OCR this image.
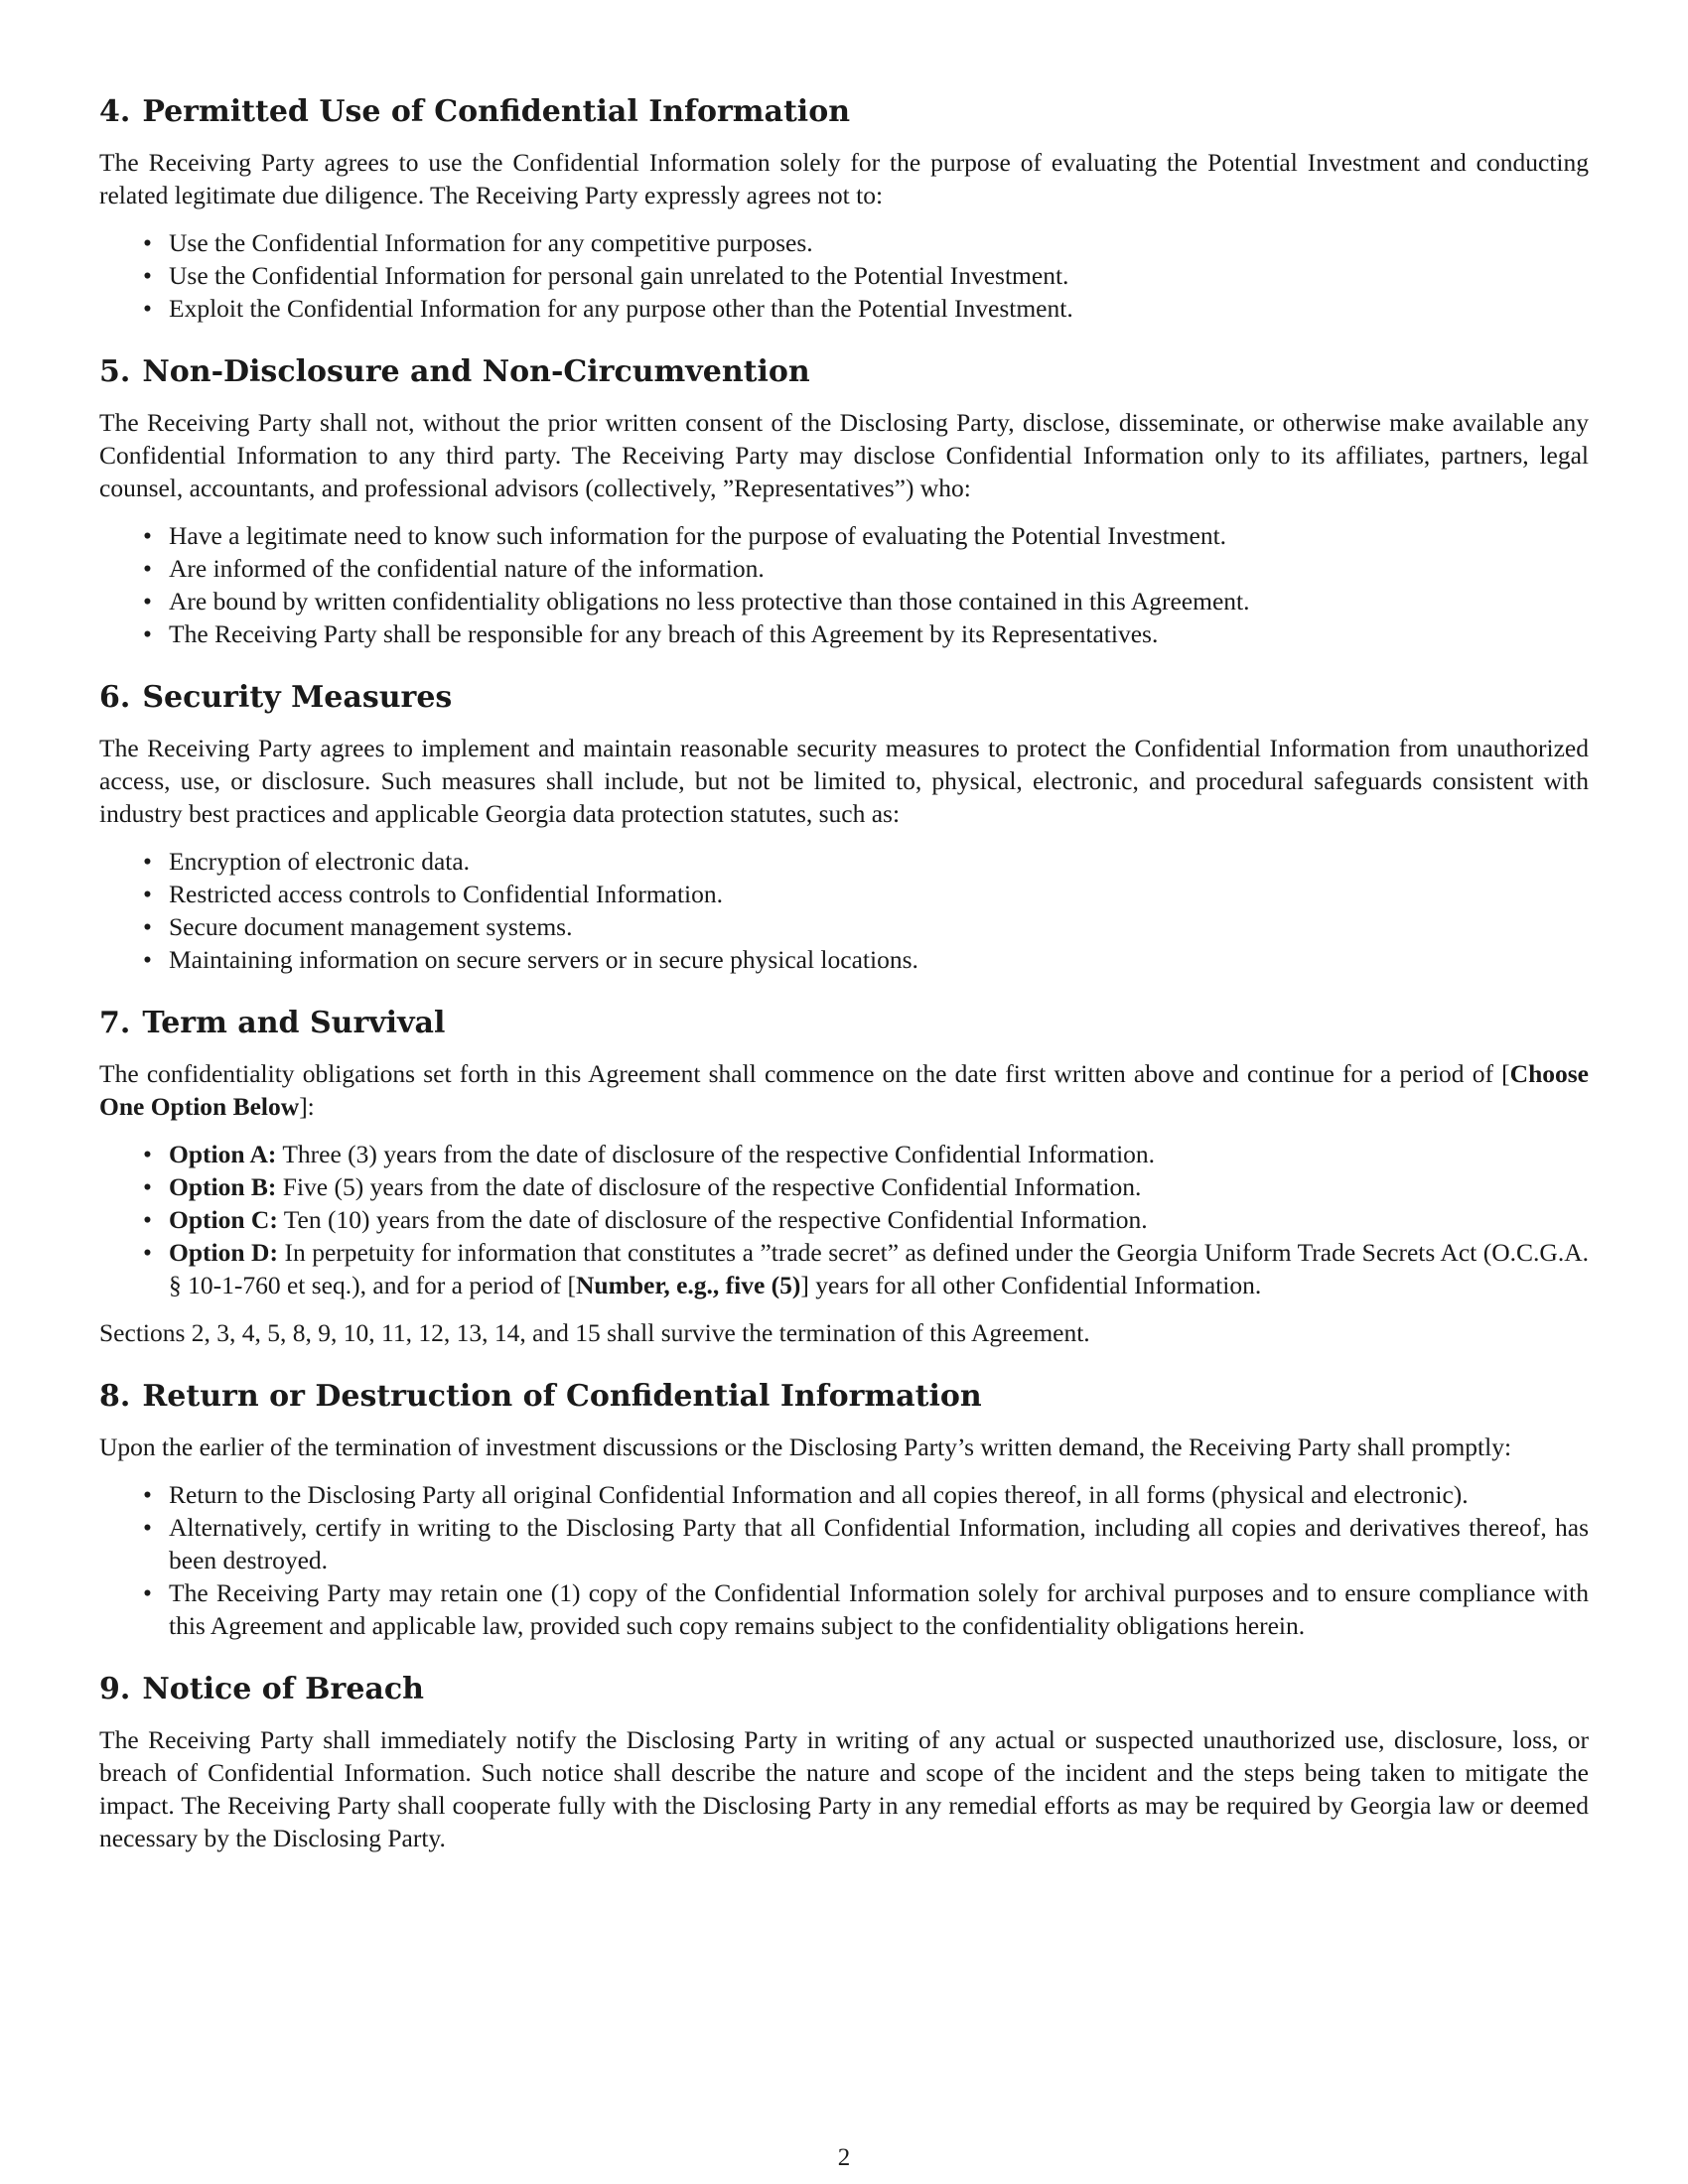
4. Permitted Use of Confidential Information

The Receiving Party agrees to use the Confidential Information solely for the purpose of evaluating the Potential Investment and conducting related legitimate due diligence. The Receiving Party expressly agrees not to:

• Use the Confidential Information for any competitive purposes.
• Use the Confidential Information for personal gain unrelated to the Potential Investment.
• Exploit the Confidential Information for any purpose other than the Potential Investment.
5. Non-Disclosure and Non-Circumvention

The Receiving Party shall not, without the prior written consent of the Disclosing Party, disclose, disseminate, or otherwise make available any Confidential Information to any third party. The Receiving Party may disclose Confidential Information only to its affiliates, partners, legal counsel, accountants, and professional advisors (collectively, ”Representatives”) who:

• Have a legitimate need to know such information for the purpose of evaluating the Potential Investment.
• Are informed of the confidential nature of the information.
• Are bound by written confidentiality obligations no less protective than those contained in this Agreement.
• The Receiving Party shall be responsible for any breach of this Agreement by its Representatives.
6. Security Measures

The Receiving Party agrees to implement and maintain reasonable security measures to protect the Confidential Information from unauthorized access, use, or disclosure. Such measures shall include, but not be limited to, physical, electronic, and procedural safeguards consistent with industry best practices and applicable Georgia data protection statutes, such as:

• Encryption of electronic data.
• Restricted access controls to Confidential Information.
• Secure document management systems.
• Maintaining information on secure servers or in secure physical locations.
7. Term and Survival

The confidentiality obligations set forth in this Agreement shall commence on the date first written above and continue for a period of [Choose One Option Below]:

• Option A: Three (3) years from the date of disclosure of the respective Confidential Information.
• Option B: Five (5) years from the date of disclosure of the respective Confidential Information.
• Option C: Ten (10) years from the date of disclosure of the respective Confidential Information.
• Option D: In perpetuity for information that constitutes a ”trade secret” as defined under the Georgia Uniform Trade Secrets Act (O.C.G.A. § 10-1-760 et seq.), and for a period of [Number, e.g., five (5)] years for all other Confidential Information.

Sections 2, 3, 4, 5, 8, 9, 10, 11, 12, 13, 14, and 15 shall survive the termination of this Agreement.

8. Return or Destruction of Confidential Information

Upon the earlier of the termination of investment discussions or the Disclosing Party’s written demand, the Receiving Party shall promptly:

• Return to the Disclosing Party all original Confidential Information and all copies thereof, in all forms (physical and electronic).
• Alternatively, certify in writing to the Disclosing Party that all Confidential Information, including all copies and derivatives thereof, has been destroyed.
• The Receiving Party may retain one (1) copy of the Confidential Information solely for archival purposes and to ensure compliance with this Agreement and applicable law, provided such copy remains subject to the confidentiality obligations herein.
9. Notice of Breach

The Receiving Party shall immediately notify the Disclosing Party in writing of any actual or suspected unauthorized use, disclosure, loss, or breach of Confidential Information. Such notice shall describe the nature and scope of the incident and the steps being taken to mitigate the impact. The Receiving Party shall cooperate fully with the Disclosing Party in any remedial efforts as may be required by Georgia law or deemed necessary by the Disclosing Party.

2
